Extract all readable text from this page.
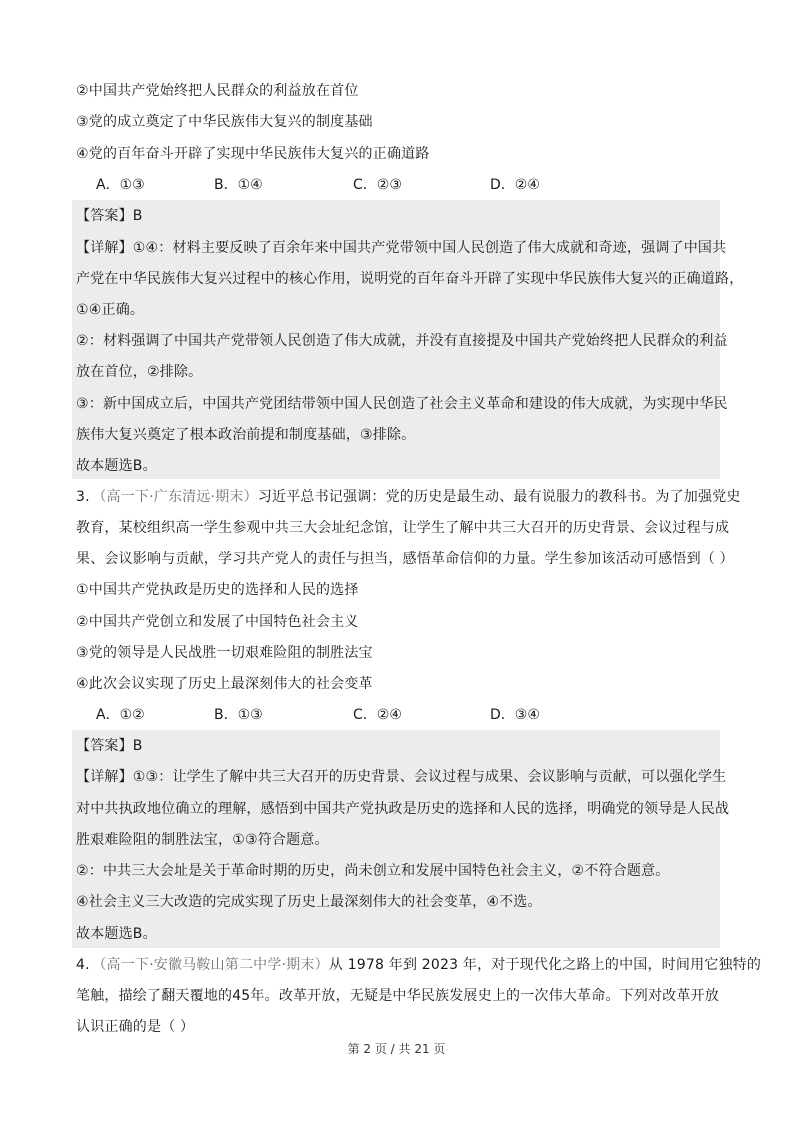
②中国共产党始终把人民群众的利益放在首位
③党的成立奠定了中华民族伟大复兴的制度基础
④党的百年奋斗开辟了实现中华民族伟大复兴的正确道路
A．①③	B．①④	C．②③	D．②④
【答案】B
【详解】①④：材料主要反映了百余年来中国共产党带领中国人民创造了伟大成就和奇迹，强调了中国共
产党在中华民族伟大复兴过程中的核心作用，说明党的百年奋斗开辟了实现中华民族伟大复兴的正确道路，
①④正确。
②：材料强调了中国共产党带领人民创造了伟大成就，并没有直接提及中国共产党始终把人民群众的利益
放在首位，②排除。
③：新中国成立后，中国共产党团结带领中国人民创造了社会主义革命和建设的伟大成就，为实现中华民
族伟大复兴奠定了根本政治前提和制度基础，③排除。
故本题选B。
3．（高一下·广东清远·期末）习近平总书记强调：党的历史是最生动、最有说服力的教科书。为了加强党史
教育，某校组织高一学生参观中共三大会址纪念馆，让学生了解中共三大召开的历史背景、会议过程与成
果、会议影响与贡献，学习共产党人的责任与担当，感悟革命信仰的力量。学生参加该活动可感悟到（ ）
①中国共产党执政是历史的选择和人民的选择
②中国共产党创立和发展了中国特色社会主义
③党的领导是人民战胜一切艰难险阻的制胜法宝
④此次会议实现了历史上最深刻伟大的社会变革
A．①②	B．①③	C．②④	D．③④
【答案】B
【详解】①③：让学生了解中共三大召开的历史背景、会议过程与成果、会议影响与贡献，可以强化学生
对中共执政地位确立的理解，感悟到中国共产党执政是历史的选择和人民的选择，明确党的领导是人民战
胜艰难险阻的制胜法宝，①③符合题意。
②：中共三大会址是关于革命时期的历史，尚未创立和发展中国特色社会主义，②不符合题意。
④社会主义三大改造的完成实现了历史上最深刻伟大的社会变革，④不选。
故本题选B。
4．（高一下·安徽马鞍山第二中学·期末）从 1978 年到 2023 年，对于现代化之路上的中国，时间用它独特的
笔触，描绘了翻天覆地的45年。改革开放，无疑是中华民族发展史上的一次伟大革命。下列对改革开放
认识正确的是（ ）
第 2 页 / 共 21 页
